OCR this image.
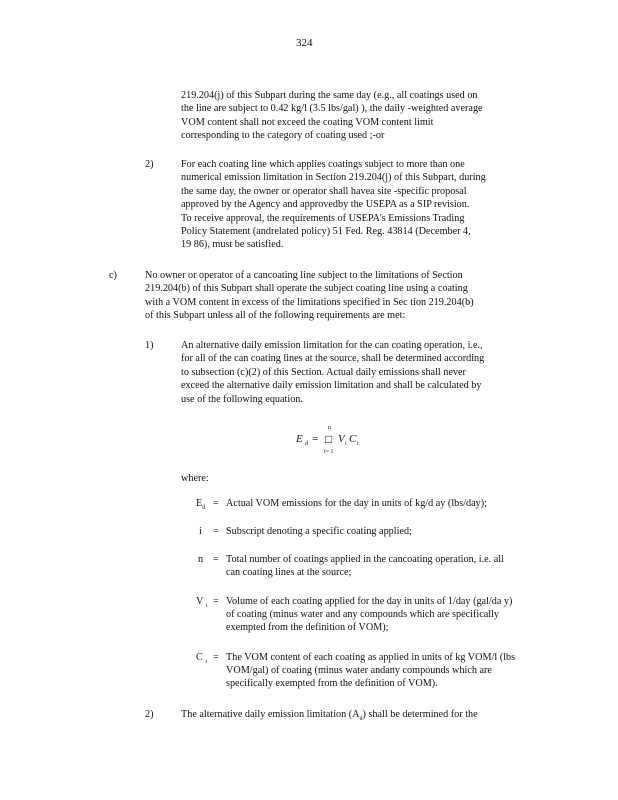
324
219.204(j) of this Subpart during the same day (e.g., all coatings used on
the line are subject to 0.42 kg/l (3.5 lbs/gal) ), the daily -weighted average
VOM content shall not exceed the coating VOM content limit
corresponding to the category of coating used ;-or
2)	For each coating line which applies coatings subject to more than one
numerical emission limitation in Section 219.204(j) of this Subpart, during
the same day, the owner or operator shall havea site -specific proposal
approved by the Agency and approvedby the USEPA as a SIP revision.
To receive approval, the requirements of USEPA's Emissions Trading
Policy Statement (andrelated policy) 51 Fed. Reg. 43814 (December 4,
19 86), must be satisfied.
c)	No owner or operator of a cancoating line subject to the limitations of Section
219.204(b) of this Subpart shall operate the subject coating line using a coating
with a VOM content in excess of the limitations specified in Sec tion 219.204(b)
of this Subpart unless all of the following requirements are met:
1)	An alternative daily emission limitation for the can coating operation, i.e.,
for all of the can coating lines at the source, shall be determined according
to subsection (c)(2) of this Section. Actual daily emissions shall never
exceed the alternative daily emission limitation and shall be calculated by
use of the following equation.
E d =
n
□
i= 1
V i C i
where:
$E_d$ = Actual VOM emissions for the day in units of kg/d ay (lbs/day);
i = Subscript denoting a specific coating applied;
n = Total number of coatings applied in the cancoating operation, i.e. all
can coating lines at the source;
V $_i$ = Volume of each coating applied for the day in units of 1/day (gal/da y)
of coating (minus water and any compounds which are specifically
exempted from the definition of VOM);
C $_i$ = The VOM content of each coating as applied in units of kg VOM/l (lbs
VOM/gal) of coating (minus water andany compounds which are
specifically exempted from the definition of VOM).
2)	The alternative daily emission limitation $(A_d)$ shall be determined for the
